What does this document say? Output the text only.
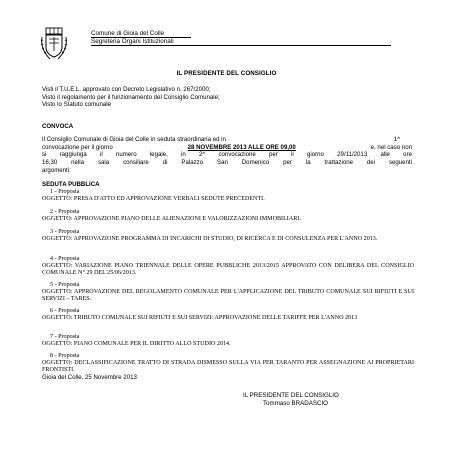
Comune di Gioia del Colle
Segreteria Organi Istituzionali
IL PRESIDENTE DEL CONSIGLIO
Visti il T.U.E.L. approvato con Decreto Legislativo n. 267/2000;
Visto il regolamento per il funzionamento del Consiglio Comunale;
Visto lo Statuto comunale
CONVOCA
Il Consiglio Comunale di Gioia del Colle in seduta straordinaria ed in	1^
convocazione per il giorno	28 NOVEMBRE 2013 ALLE ORE 09,00	e, nel caso non
si raggiunga il numero legale, in 2^ convocazione per il giorno 29/11/2013 alle ore
16,30 nella sala consiliare di Palazzo San Domenico per la trattazione dei seguenti
argomenti:
SEDUTA PUBBLICA
1 - Proposta
OGGETTO: PRESA D'ATTO ED APPROVAZIONE VERBALI SEDUTE PRECEDENTI.
2 - Proposta
OGGETTO: APPROVAZIONE PIANO DELLE ALIENAZIONI E VALORIZZAZIONI IMMOBILIARI.
3 - Proposta
OGGETTO: APPROVAZIONE PROGRAMMA DI INCARICHI DI STUDIO, DI RICERCA E DI CONSULENZA PER L'ANNO 2013.
4 - Proposta
OGGETTO: VARIAZIONE PIANO TRIENNALE DELLE OPERE PUBBLICHE 2013/2015 APPROVATO CON DELIBERA DEL CONSIGLIO COMUNALE N° 29 DEL 25/06/2013.
5 - Proposta
OGGETTO: APPROVAZIONE DEL REGOLAMENTO COMUNALE PER L'APPLICAZIONE DEL TRIBUTO COMUNALE SUI RIFIUTI E SUI SERVIZI – TARES.
6 - Proposta
OGGETTO: TRIBUTO COMUNALE SUI RIFIUTI E SUI SERVIZI: APPROVAZIONE DELLE TARIFFE PER L'ANNO 2013
7 - Proposta
OGGETTO: PIANO COMUNALE PER IL DIRITTO ALLO STUDIO 2014.
8 - Proposta
OGGETTO: DECLASSIFICAZIONE TRATTO DI STRADA DISMESSO SULLA VIA PER TARANTO PER ASSEGNAZIONE AI PROPRIETARI FRONTISTI.
Gioia del Colle, 25 Novembre 2013
IL PRESIDENTE DEL CONSIGLIO
Tommaso BRADASCIO
